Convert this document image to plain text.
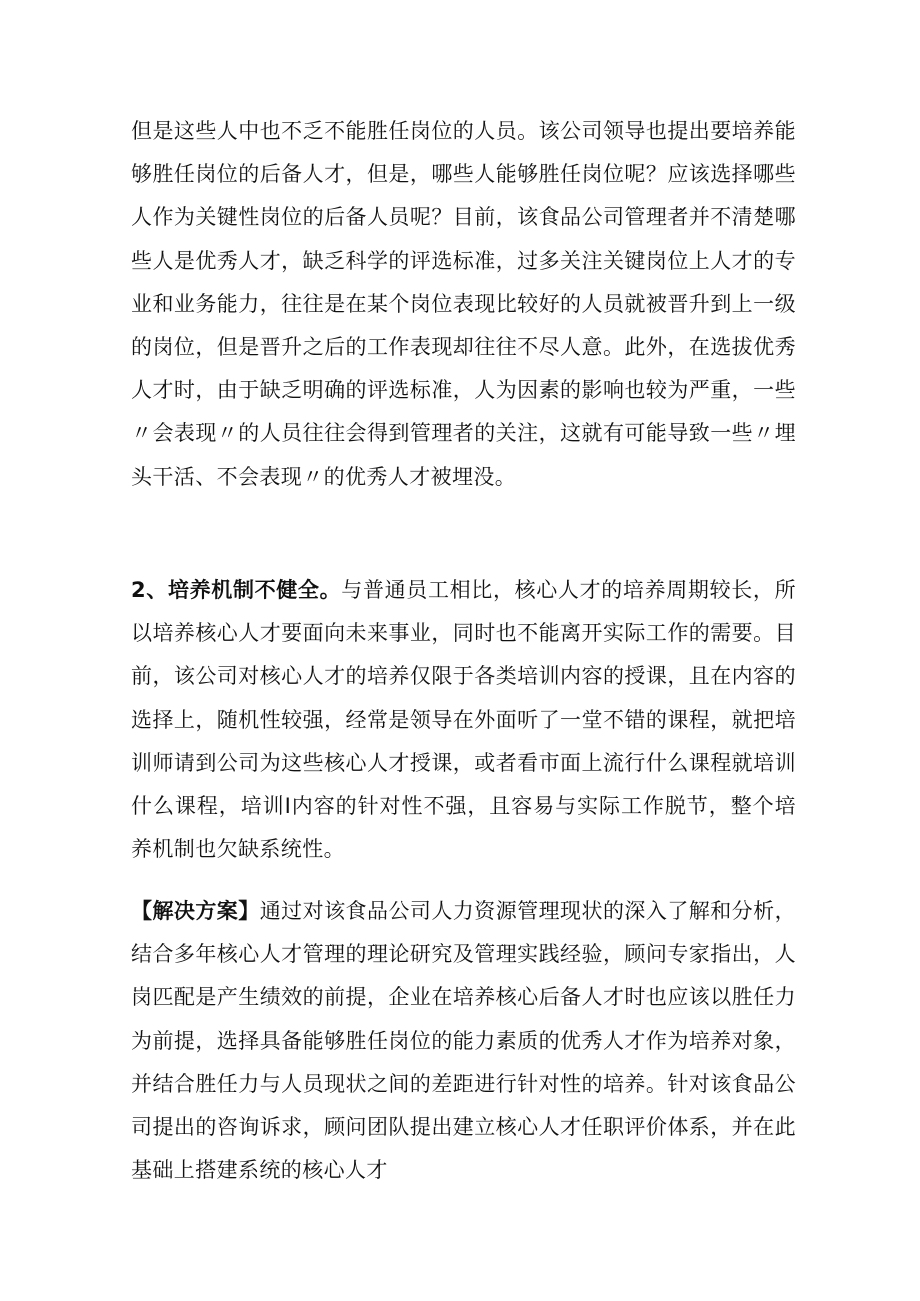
但是这些人中也不乏不能胜任岗位的人员。该公司领导也提出要培养能够胜任岗位的后备人才，但是，哪些人能够胜任岗位呢？应该选择哪些人作为关键性岗位的后备人员呢？目前，该食品公司管理者并不清楚哪些人是优秀人才，缺乏科学的评选标准，过多关注关键岗位上人才的专业和业务能力，往往是在某个岗位表现比较好的人员就被晋升到上一级的岗位，但是晋升之后的工作表现却往往不尽人意。此外，在选拔优秀人才时，由于缺乏明确的评选标准，人为因素的影响也较为严重，一些〃会表现〃的人员往往会得到管理者的关注，这就有可能导致一些〃埋头干活、不会表现〃的优秀人才被埋没。

2、培养机制不健全。与普通员工相比，核心人才的培养周期较长，所以培养核心人才要面向未来事业，同时也不能离开实际工作的需要。目前，该公司对核心人才的培养仅限于各类培训内容的授课，且在内容的选择上，随机性较强，经常是领导在外面听了一堂不错的课程，就把培训师请到公司为这些核心人才授课，或者看市面上流行什么课程就培训什么课程，培训I内容的针对性不强，且容易与实际工作脱节，整个培养机制也欠缺系统性。

【解决方案】通过对该食品公司人力资源管理现状的深入了解和分析，结合多年核心人才管理的理论研究及管理实践经验，顾问专家指出，人岗匹配是产生绩效的前提，企业在培养核心后备人才时也应该以胜任力为前提，选择具备能够胜任岗位的能力素质的优秀人才作为培养对象，并结合胜任力与人员现状之间的差距进行针对性的培养。针对该食品公司提出的咨询诉求，顾问团队提出建立核心人才任职评价体系，并在此基础上搭建系统的核心人才
